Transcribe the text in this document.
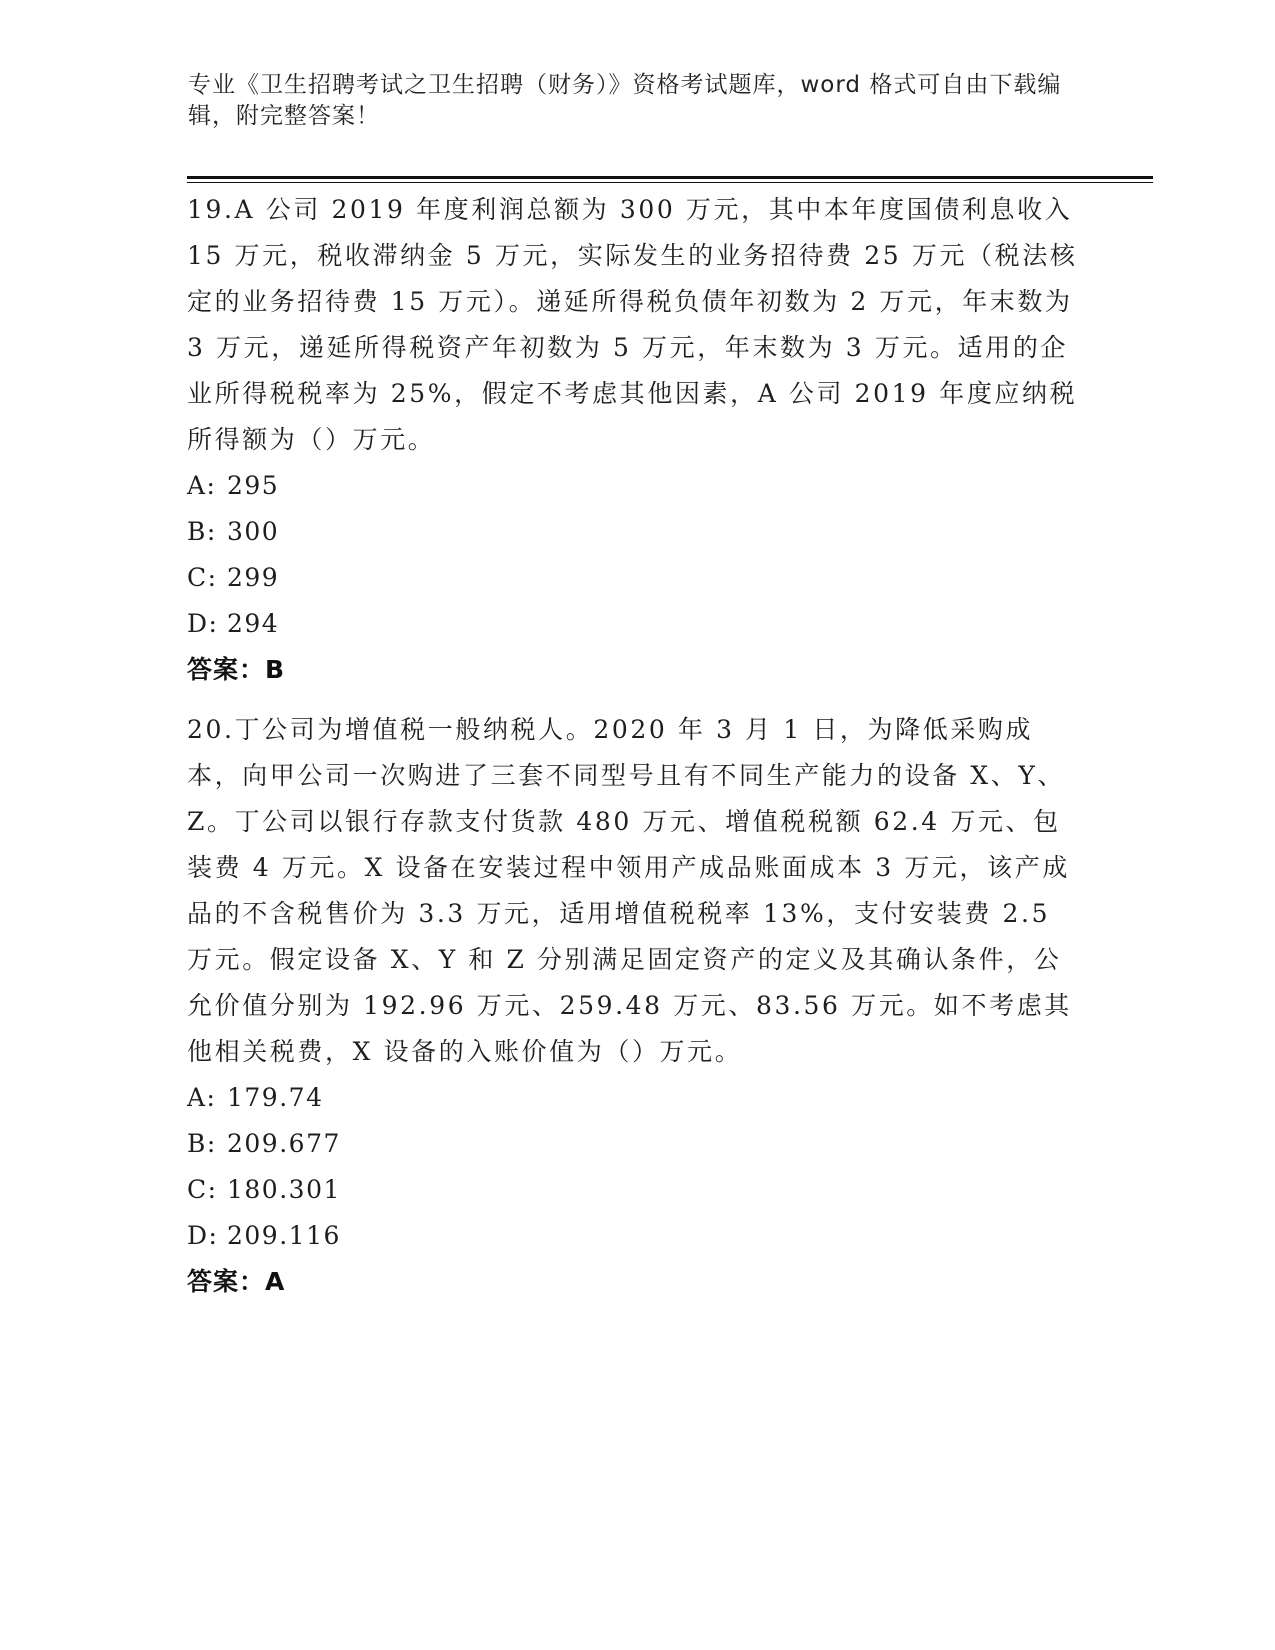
专业《卫生招聘考试之卫生招聘（财务）》资格考试题库，word 格式可自由下载编辑，附完整答案！

19.A 公司 2019 年度利润总额为 300 万元，其中本年度国债利息收入 15 万元，税收滞纳金 5 万元，实际发生的业务招待费 25 万元（税法核定的业务招待费 15 万元）。递延所得税负债年初数为 2 万元，年末数为 3 万元，递延所得税资产年初数为 5 万元，年末数为 3 万元。适用的企业所得税税率为 25%，假定不考虑其他因素，A 公司 2019 年度应纳税所得额为（）万元。

A: 295
B: 300
C: 299
D: 294
答案：B

20.丁公司为增值税一般纳税人。2020 年 3 月 1 日，为降低采购成本，向甲公司一次购进了三套不同型号且有不同生产能力的设备 X、Y、Z。丁公司以银行存款支付货款 480 万元、增值税税额 62.4 万元、包装费 4 万元。X 设备在安装过程中领用产成品账面成本 3 万元，该产成品的不含税售价为 3.3 万元，适用增值税税率 13%，支付安装费 2.5 万元。假定设备 X、Y 和 Z 分别满足固定资产的定义及其确认条件，公允价值分别为 192.96 万元、259.48 万元、83.56 万元。如不考虑其他相关税费，X 设备的入账价值为（）万元。

A: 179.74
B: 209.677
C: 180.301
D: 209.116
答案：A
